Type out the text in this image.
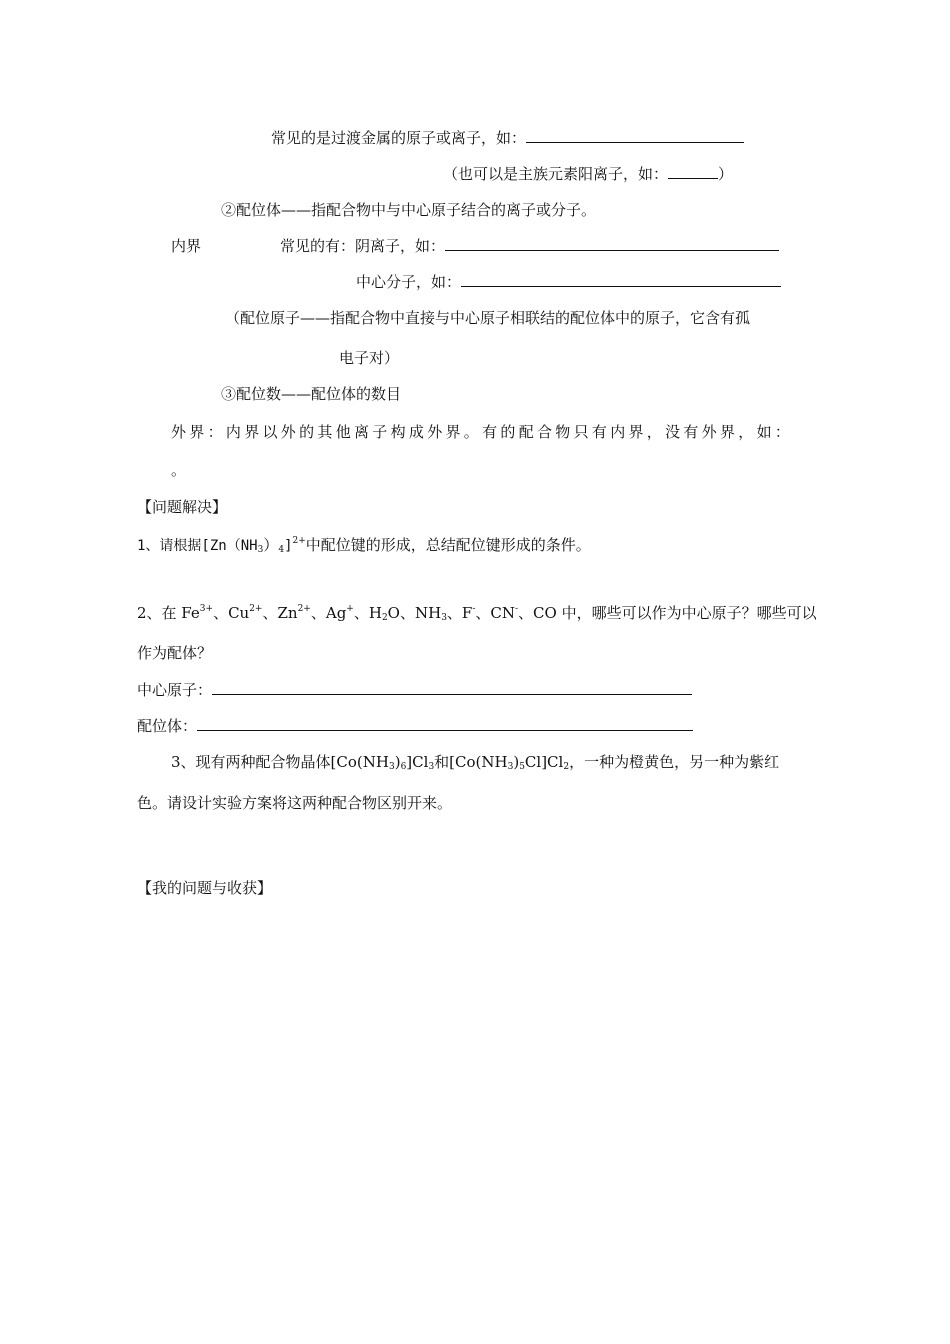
常见的是过渡金属的原子或离子，如：
（也可以是主族元素阳离子，如：	）
②配位体——指配合物中与中心原子结合的离子或分子。
内界	常见的有：阴离子，如：
中心分子，如：
（配位原子——指配合物中直接与中心原子相联结的配位体中的原子，它含有孤
电子对）
③配位数——配位体的数目
外界：内界以外的其他离子构成外界。有的配合物只有内界，没有外界，如：
。
【问题解决】
1、请根据$[Zn(NH_3)_4]^{2+}$中配位键的形成，总结配位键形成的条件。
2、在 $Fe^{3+}$、$Cu^{2+}$、$Zn^{2+}$、Ag+、$H_2O$、$NH_3$、F-、CN-、CO 中，哪些可以作为中心原子？哪些可以
作为配体？
中心原子：
配位体：
3、现有两种配合物晶体$[Co(NH_3)_6]Cl_3$和$[Co(NH_3)_5Cl]Cl_2$，一种为橙黄色，另一种为紫红
色。请设计实验方案将这两种配合物区别开来。
【我的问题与收获】
